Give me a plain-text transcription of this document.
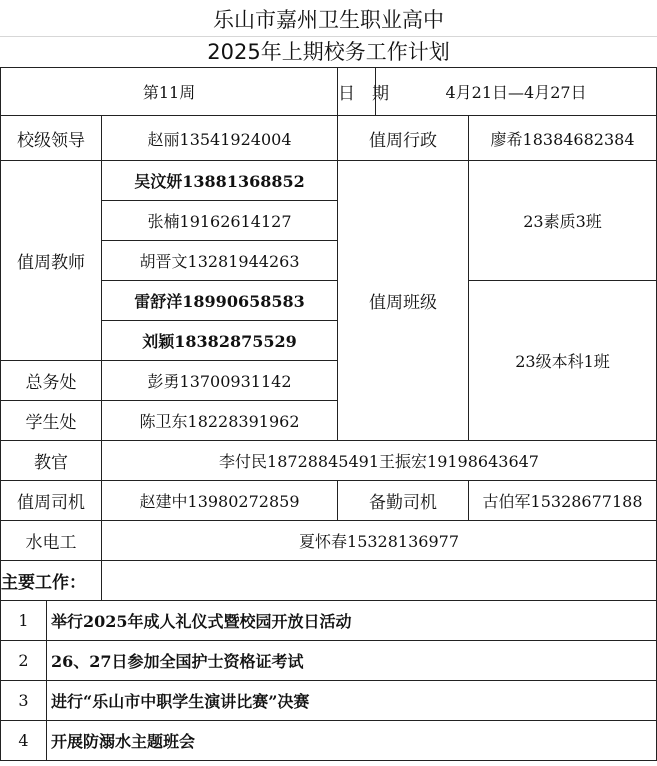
乐山市嘉州卫生职业高中
2025年上期校务工作计划
第11周			日　期	4月21日—4月27日	
校级领导		赵丽13541924004	值周行政		廖希18384682384
值周教师		吴汶妍13881368852	值周班级		23素质3班
		张楠19162614127			
		胡晋文13281944263			
		雷舒洋18990658583			23级本科1班
		刘颖18382875529			
总务处		彭勇13700931142			
学生处		陈卫东18228391962			
教官		李付民18728845491王振宏19198643647			
值周司机		赵建中13980272859	备勤司机		古伯军15328677188
水电工		夏怀春15328136977			
主要工作：					
1	举行2025年成人礼仪式暨校园开放日活动				
2	26、27日参加全国护士资格证考试				
3	进行“乐山市中职学生演讲比赛”决赛				
4	开展防溺水主题班会				
